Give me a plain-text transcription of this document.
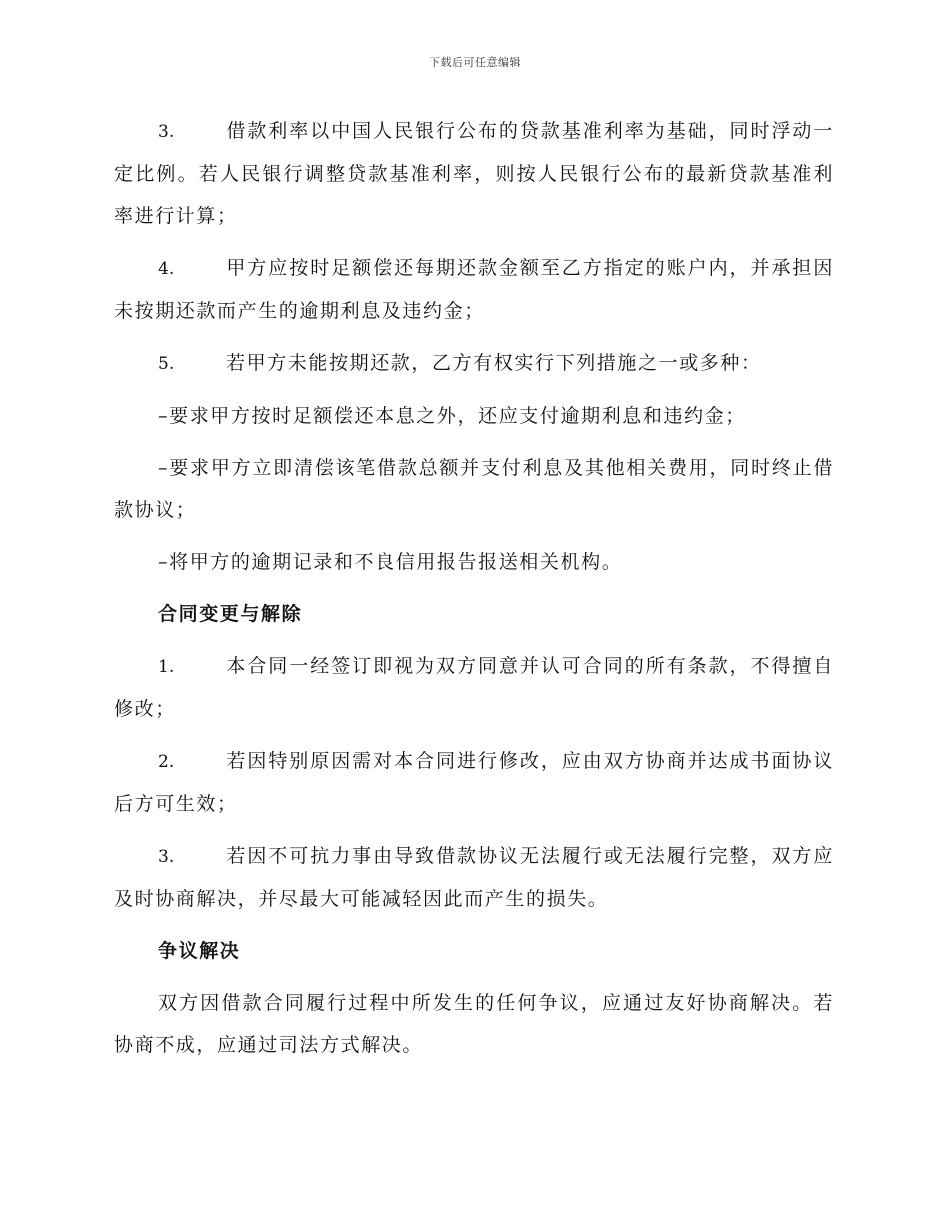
下载后可任意编辑

3.	借款利率以中国人民银行公布的贷款基准利率为基础，同时浮动一定比例。若人民银行调整贷款基准利率，则按人民银行公布的最新贷款基准利率进行计算；

4.	甲方应按时足额偿还每期还款金额至乙方指定的账户内，并承担因未按期还款而产生的逾期利息及违约金；

5.	若甲方未能按期还款，乙方有权实行下列措施之一或多种：

–要求甲方按时足额偿还本息之外，还应支付逾期利息和违约金；

–要求甲方立即清偿该笔借款总额并支付利息及其他相关费用，同时终止借款协议；

–将甲方的逾期记录和不良信用报告报送相关机构。

合同变更与解除

1.	本合同一经签订即视为双方同意并认可合同的所有条款，不得擅自修改；

2.	若因特别原因需对本合同进行修改，应由双方协商并达成书面协议后方可生效；

3.	若因不可抗力事由导致借款协议无法履行或无法履行完整，双方应及时协商解决，并尽最大可能减轻因此而产生的损失。

争议解决

双方因借款合同履行过程中所发生的任何争议，应通过友好协商解决。若协商不成，应通过司法方式解决。
